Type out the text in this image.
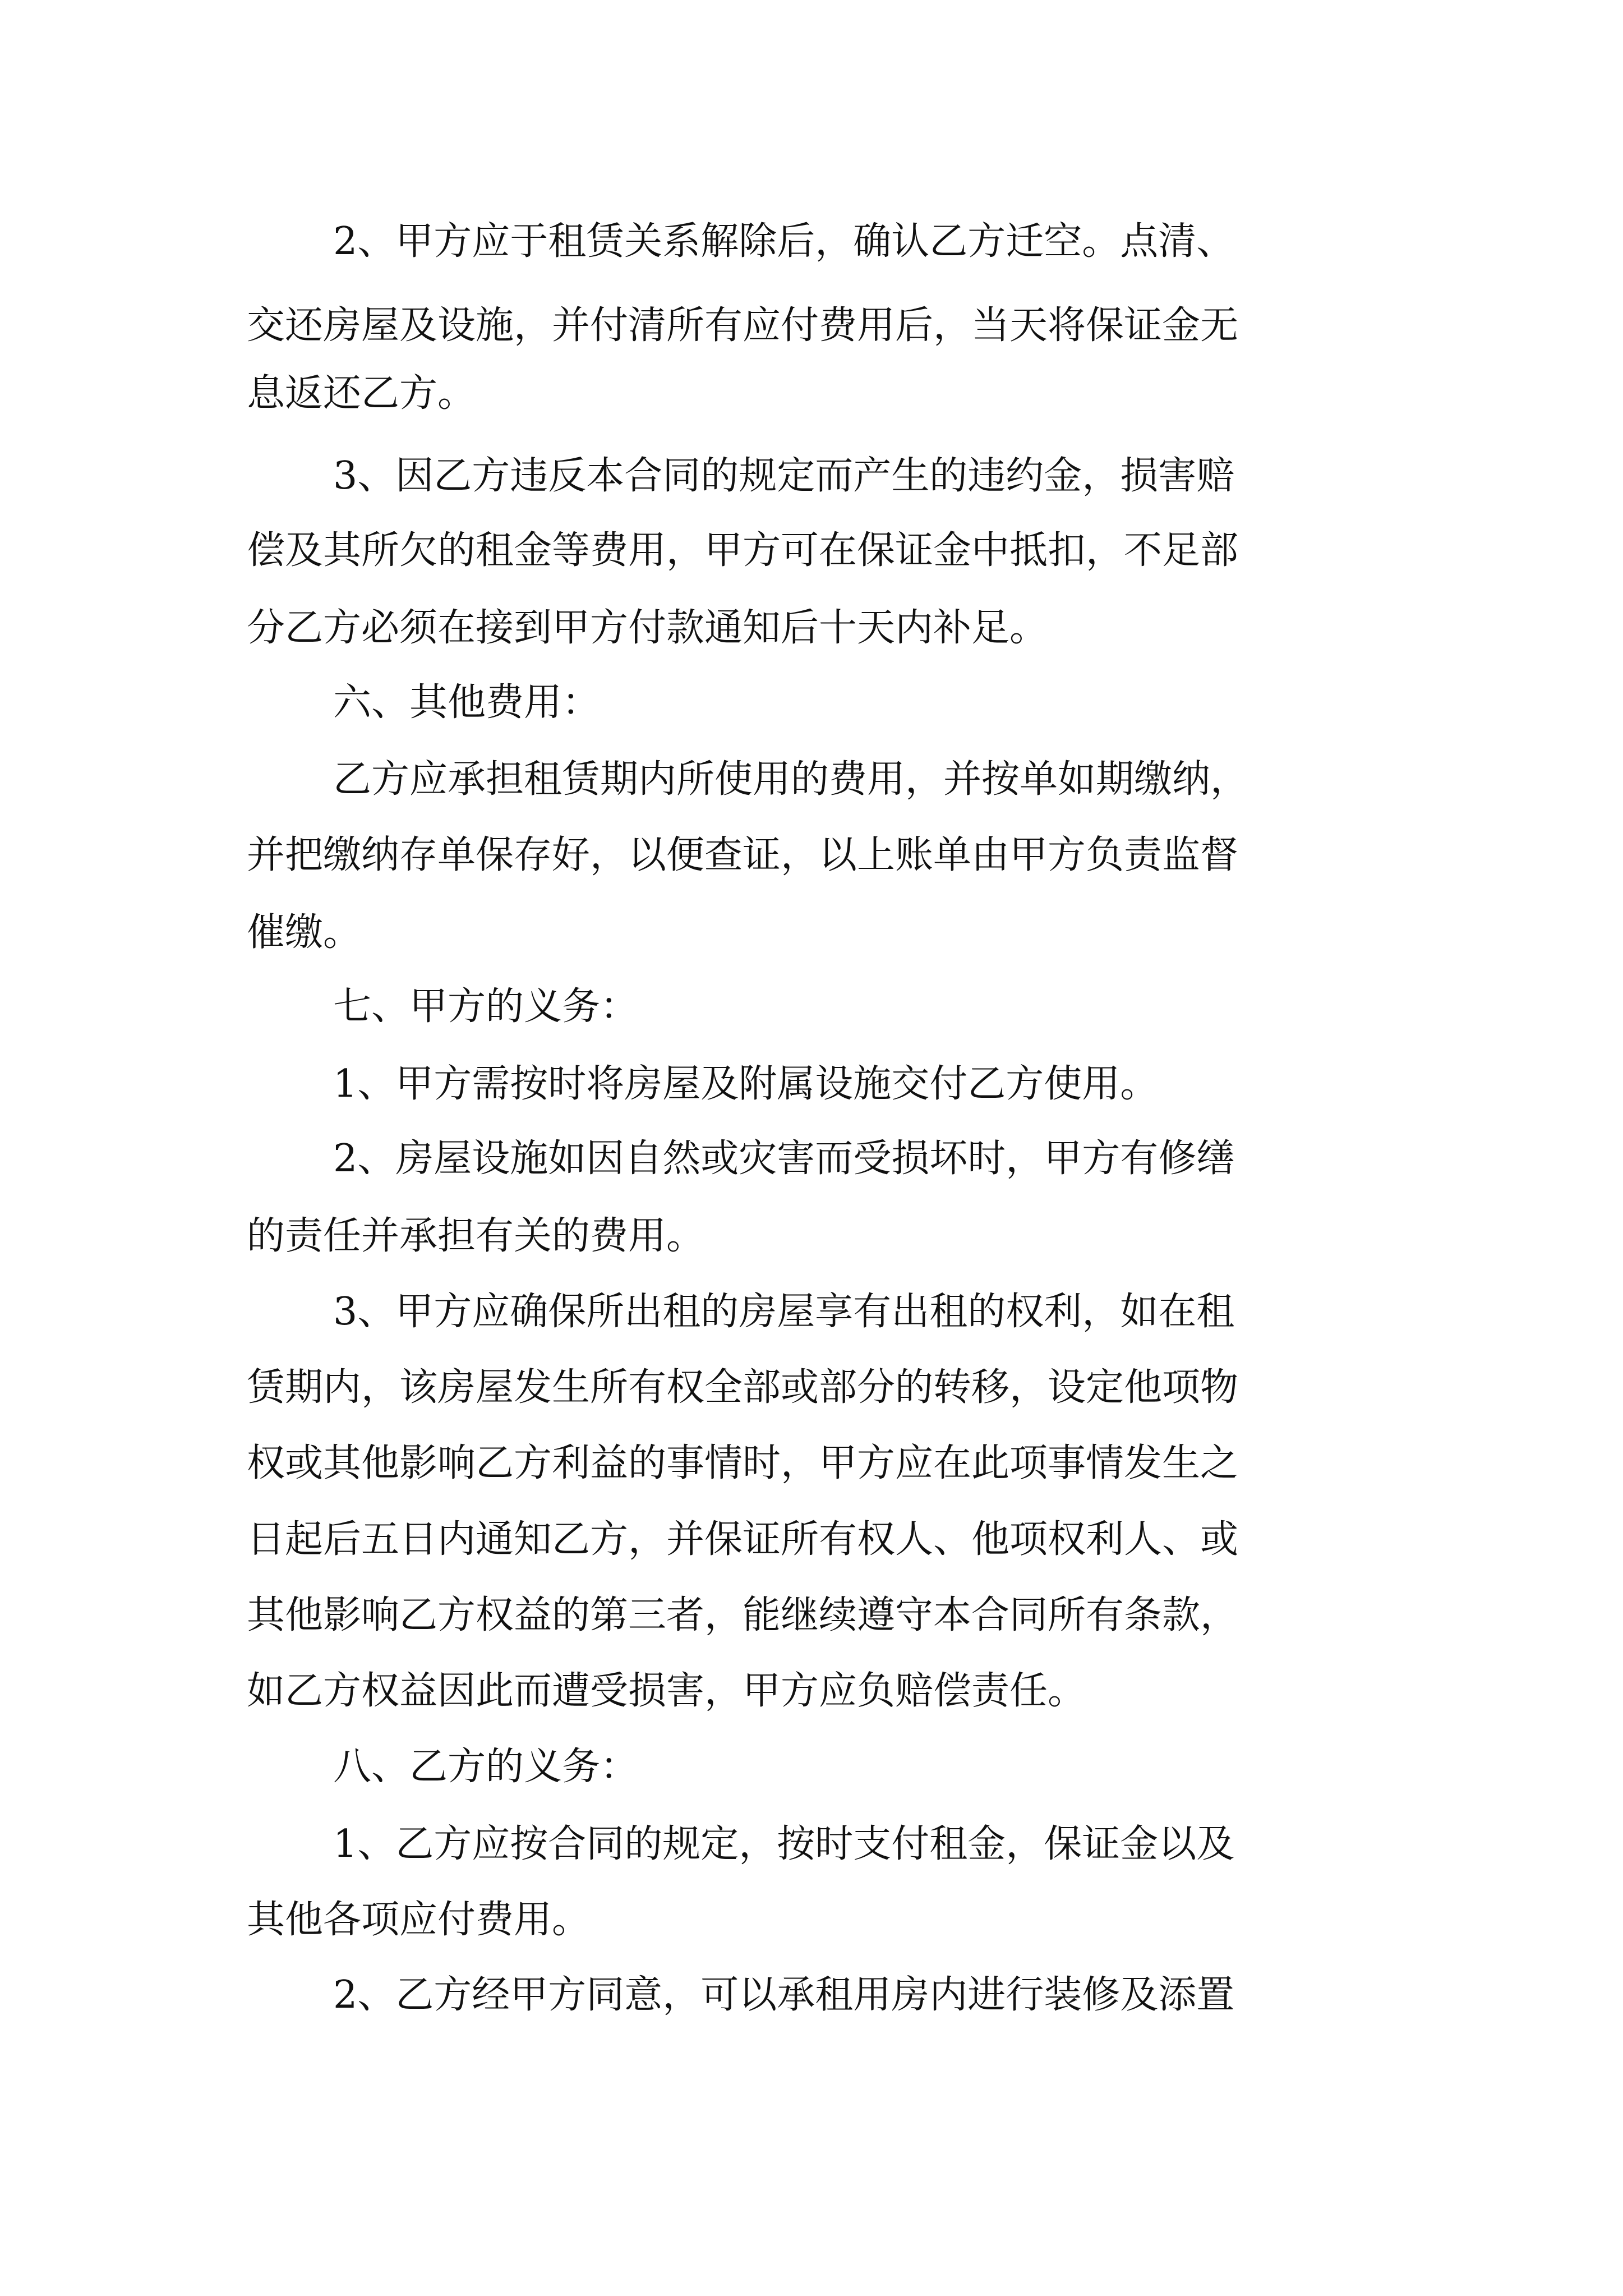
2、甲方应于租赁关系解除后，确认乙方迁空。点清、
交还房屋及设施，并付清所有应付费用后，当天将保证金无
息返还乙方。
3、因乙方违反本合同的规定而产生的违约金，损害赔
偿及其所欠的租金等费用，甲方可在保证金中抵扣，不足部
分乙方必须在接到甲方付款通知后十天内补足。
六、其他费用：
乙方应承担租赁期内所使用的费用，并按单如期缴纳，
并把缴纳存单保存好，以便查证，以上账单由甲方负责监督
催缴。
七、甲方的义务：
1、甲方需按时将房屋及附属设施交付乙方使用。
2、房屋设施如因自然或灾害而受损坏时，甲方有修缮
的责任并承担有关的费用。
3、甲方应确保所出租的房屋享有出租的权利，如在租
赁期内，该房屋发生所有权全部或部分的转移，设定他项物
权或其他影响乙方利益的事情时，甲方应在此项事情发生之
日起后五日内通知乙方，并保证所有权人、他项权利人、或
其他影响乙方权益的第三者，能继续遵守本合同所有条款，
如乙方权益因此而遭受损害，甲方应负赔偿责任。
八、乙方的义务：
1、乙方应按合同的规定，按时支付租金，保证金以及
其他各项应付费用。
2、乙方经甲方同意，可以承租用房内进行装修及添置
